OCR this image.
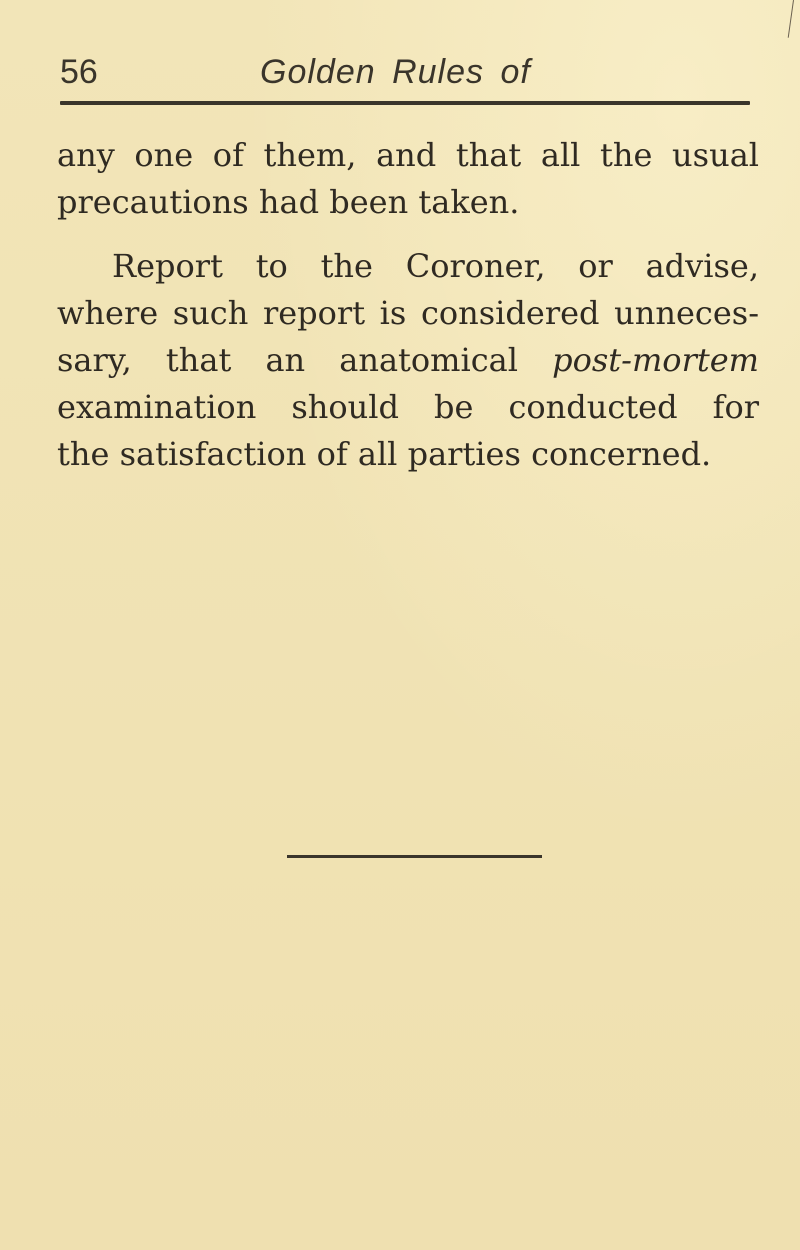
56	Golden Rules of
any one of them, and that all the usual
precautions had been taken.
Report to the Coroner, or advise,
where such report is considered unneces-
sary, that an anatomical post-mortem
examination should be conducted for
the satisfaction of all parties concerned.
